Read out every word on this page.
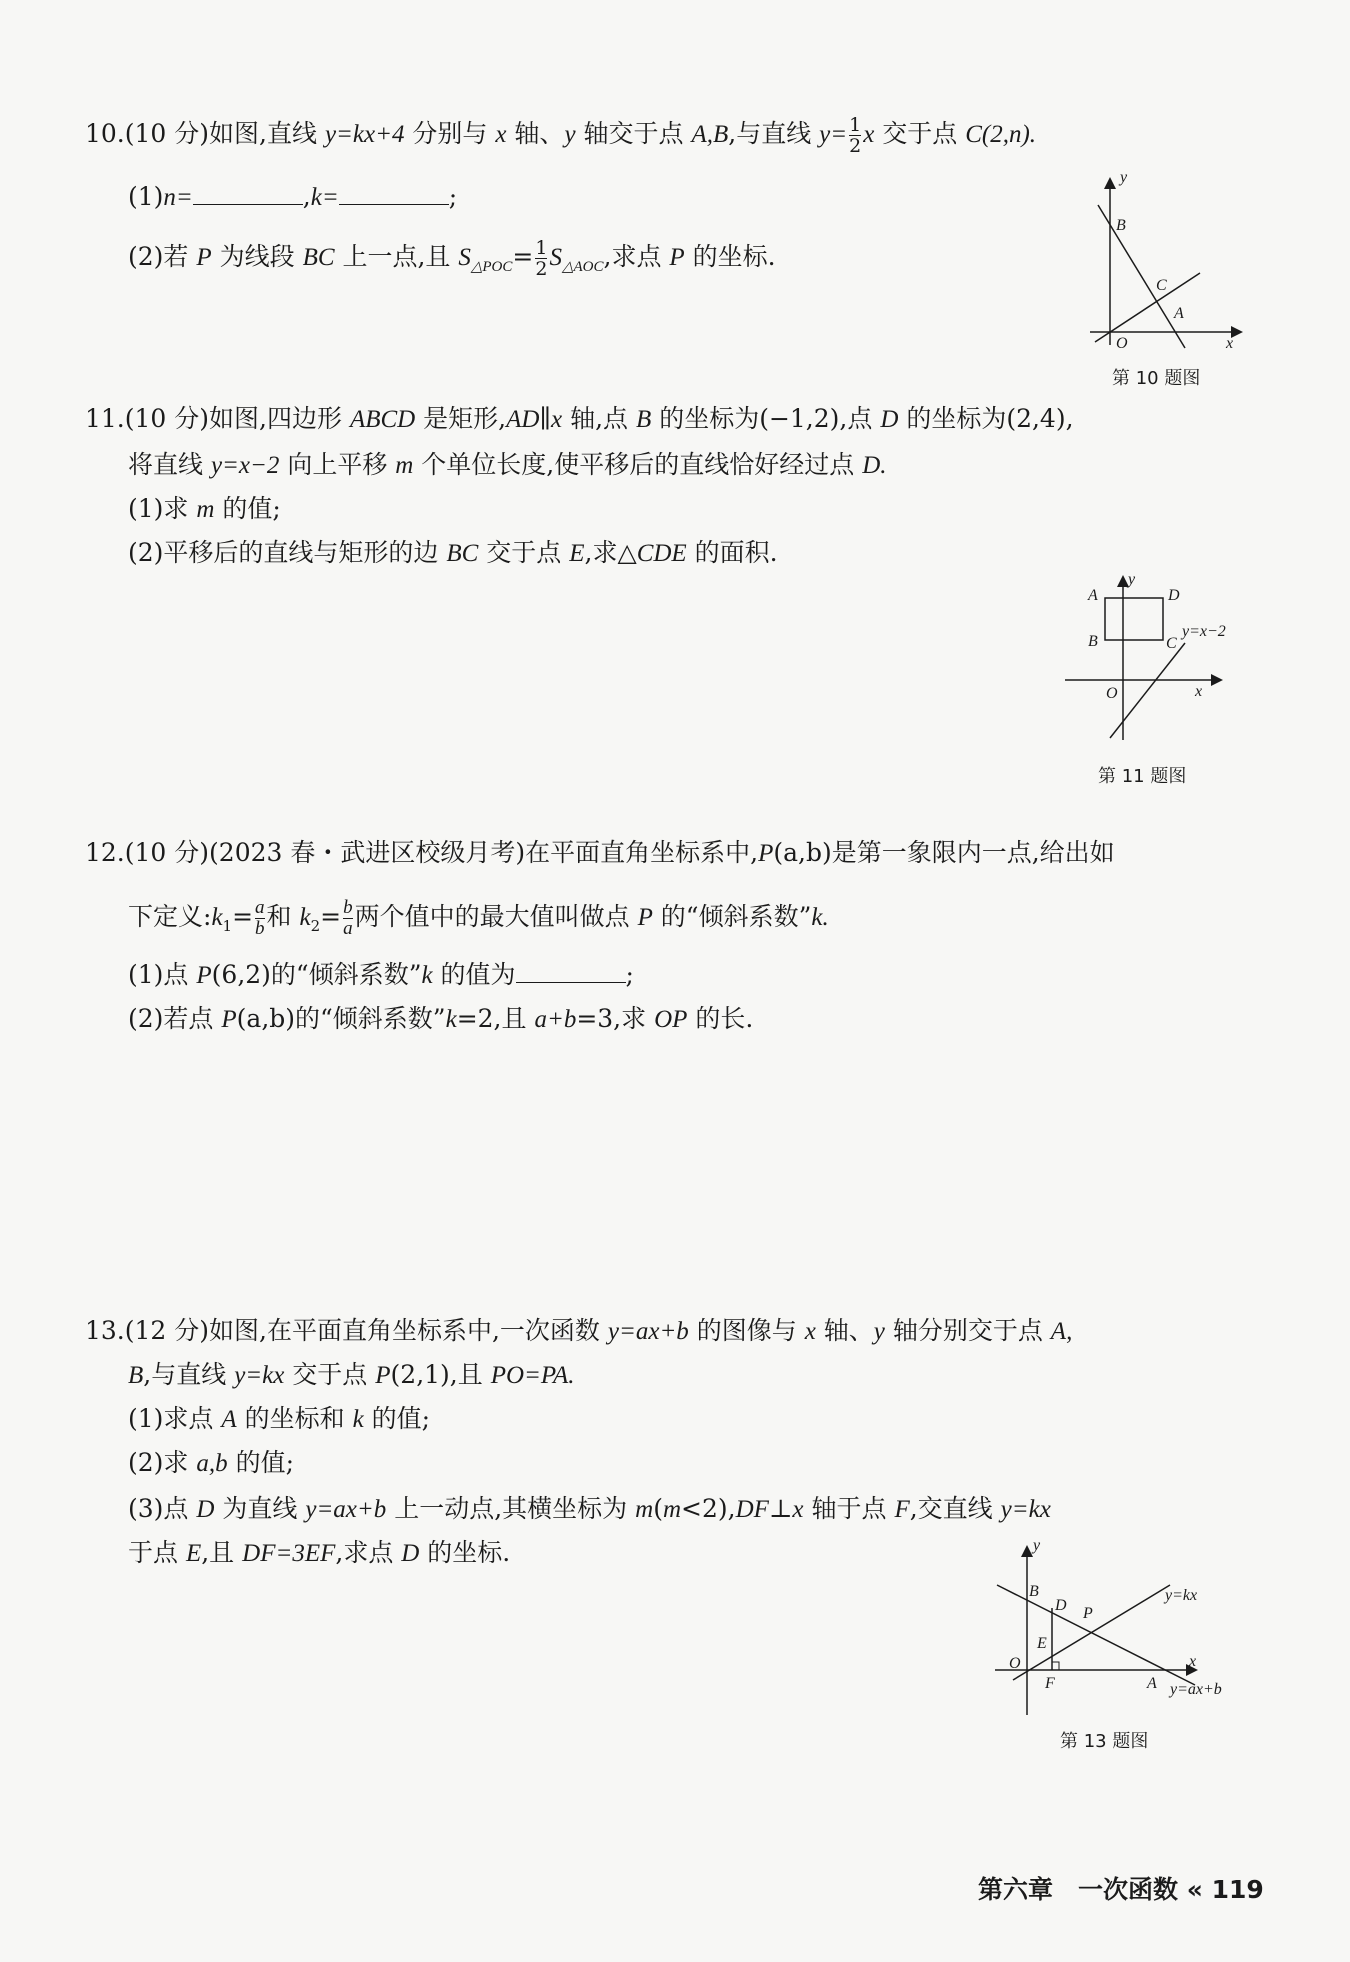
10.(10 分)如图,直线 y=kx+4 分别与 x 轴、y 轴交于点 A,B,与直线 $y= \frac{1}{2}$ x 交于点 C(2,n).
(1)n=	,k=	;
(2)若 P 为线段 BC 上一点,且 $S_{\triangle POC}= \frac{1}{2} S_{\triangle AOC}$,求点 P 的坐标.
y
B
C
A
O	x
第 10 题图
11.(10 分)如图,四边形 ABCD 是矩形,AD∥x 轴,点 B 的坐标为(−1,2),点 D 的坐标为(2,4),
将直线 y=x−2 向上平移 m 个单位长度,使平移后的直线恰好经过点 D.
(1)求 m 的值;
(2)平移后的直线与矩形的边 BC 交于点 E,求△CDE 的面积.
y
A	D
B	C
y=x−2
O	x
第 11 题图
12.(10 分)(2023 春・武进区校级月考)在平面直角坐标系中,P(a,b)是第一象限内一点,给出如
下定义$:k_1= \frac{a}{b}$ 和 $k_2= \frac{b}{a}$ 两个值中的最大值叫做点 P 的“倾斜系数”k.
(1)点 P(6,2)的“倾斜系数”k 的值为	;
(2)若点 P(a,b)的“倾斜系数”k=2,且 a+b=3,求 OP 的长.
13.(12 分)如图,在平面直角坐标系中,一次函数 y=ax+b 的图像与 x 轴、y 轴分别交于点 A,
B,与直线 y=kx 交于点 P(2,1),且 PO=PA.
(1)求点 A 的坐标和 k 的值;
(2)求 a,b 的值;
(3)点 D 为直线 y=ax+b 上一动点,其横坐标为 m(m<2),DF⊥x 轴于点 F,交直线 y=kx
于点 E,且 DF=3EF,求点 D 的坐标.	y
B
D P
y=kx
E
O
F	A
x
y=ax+b
第 13 题图
第六章　一次函数 « 119
